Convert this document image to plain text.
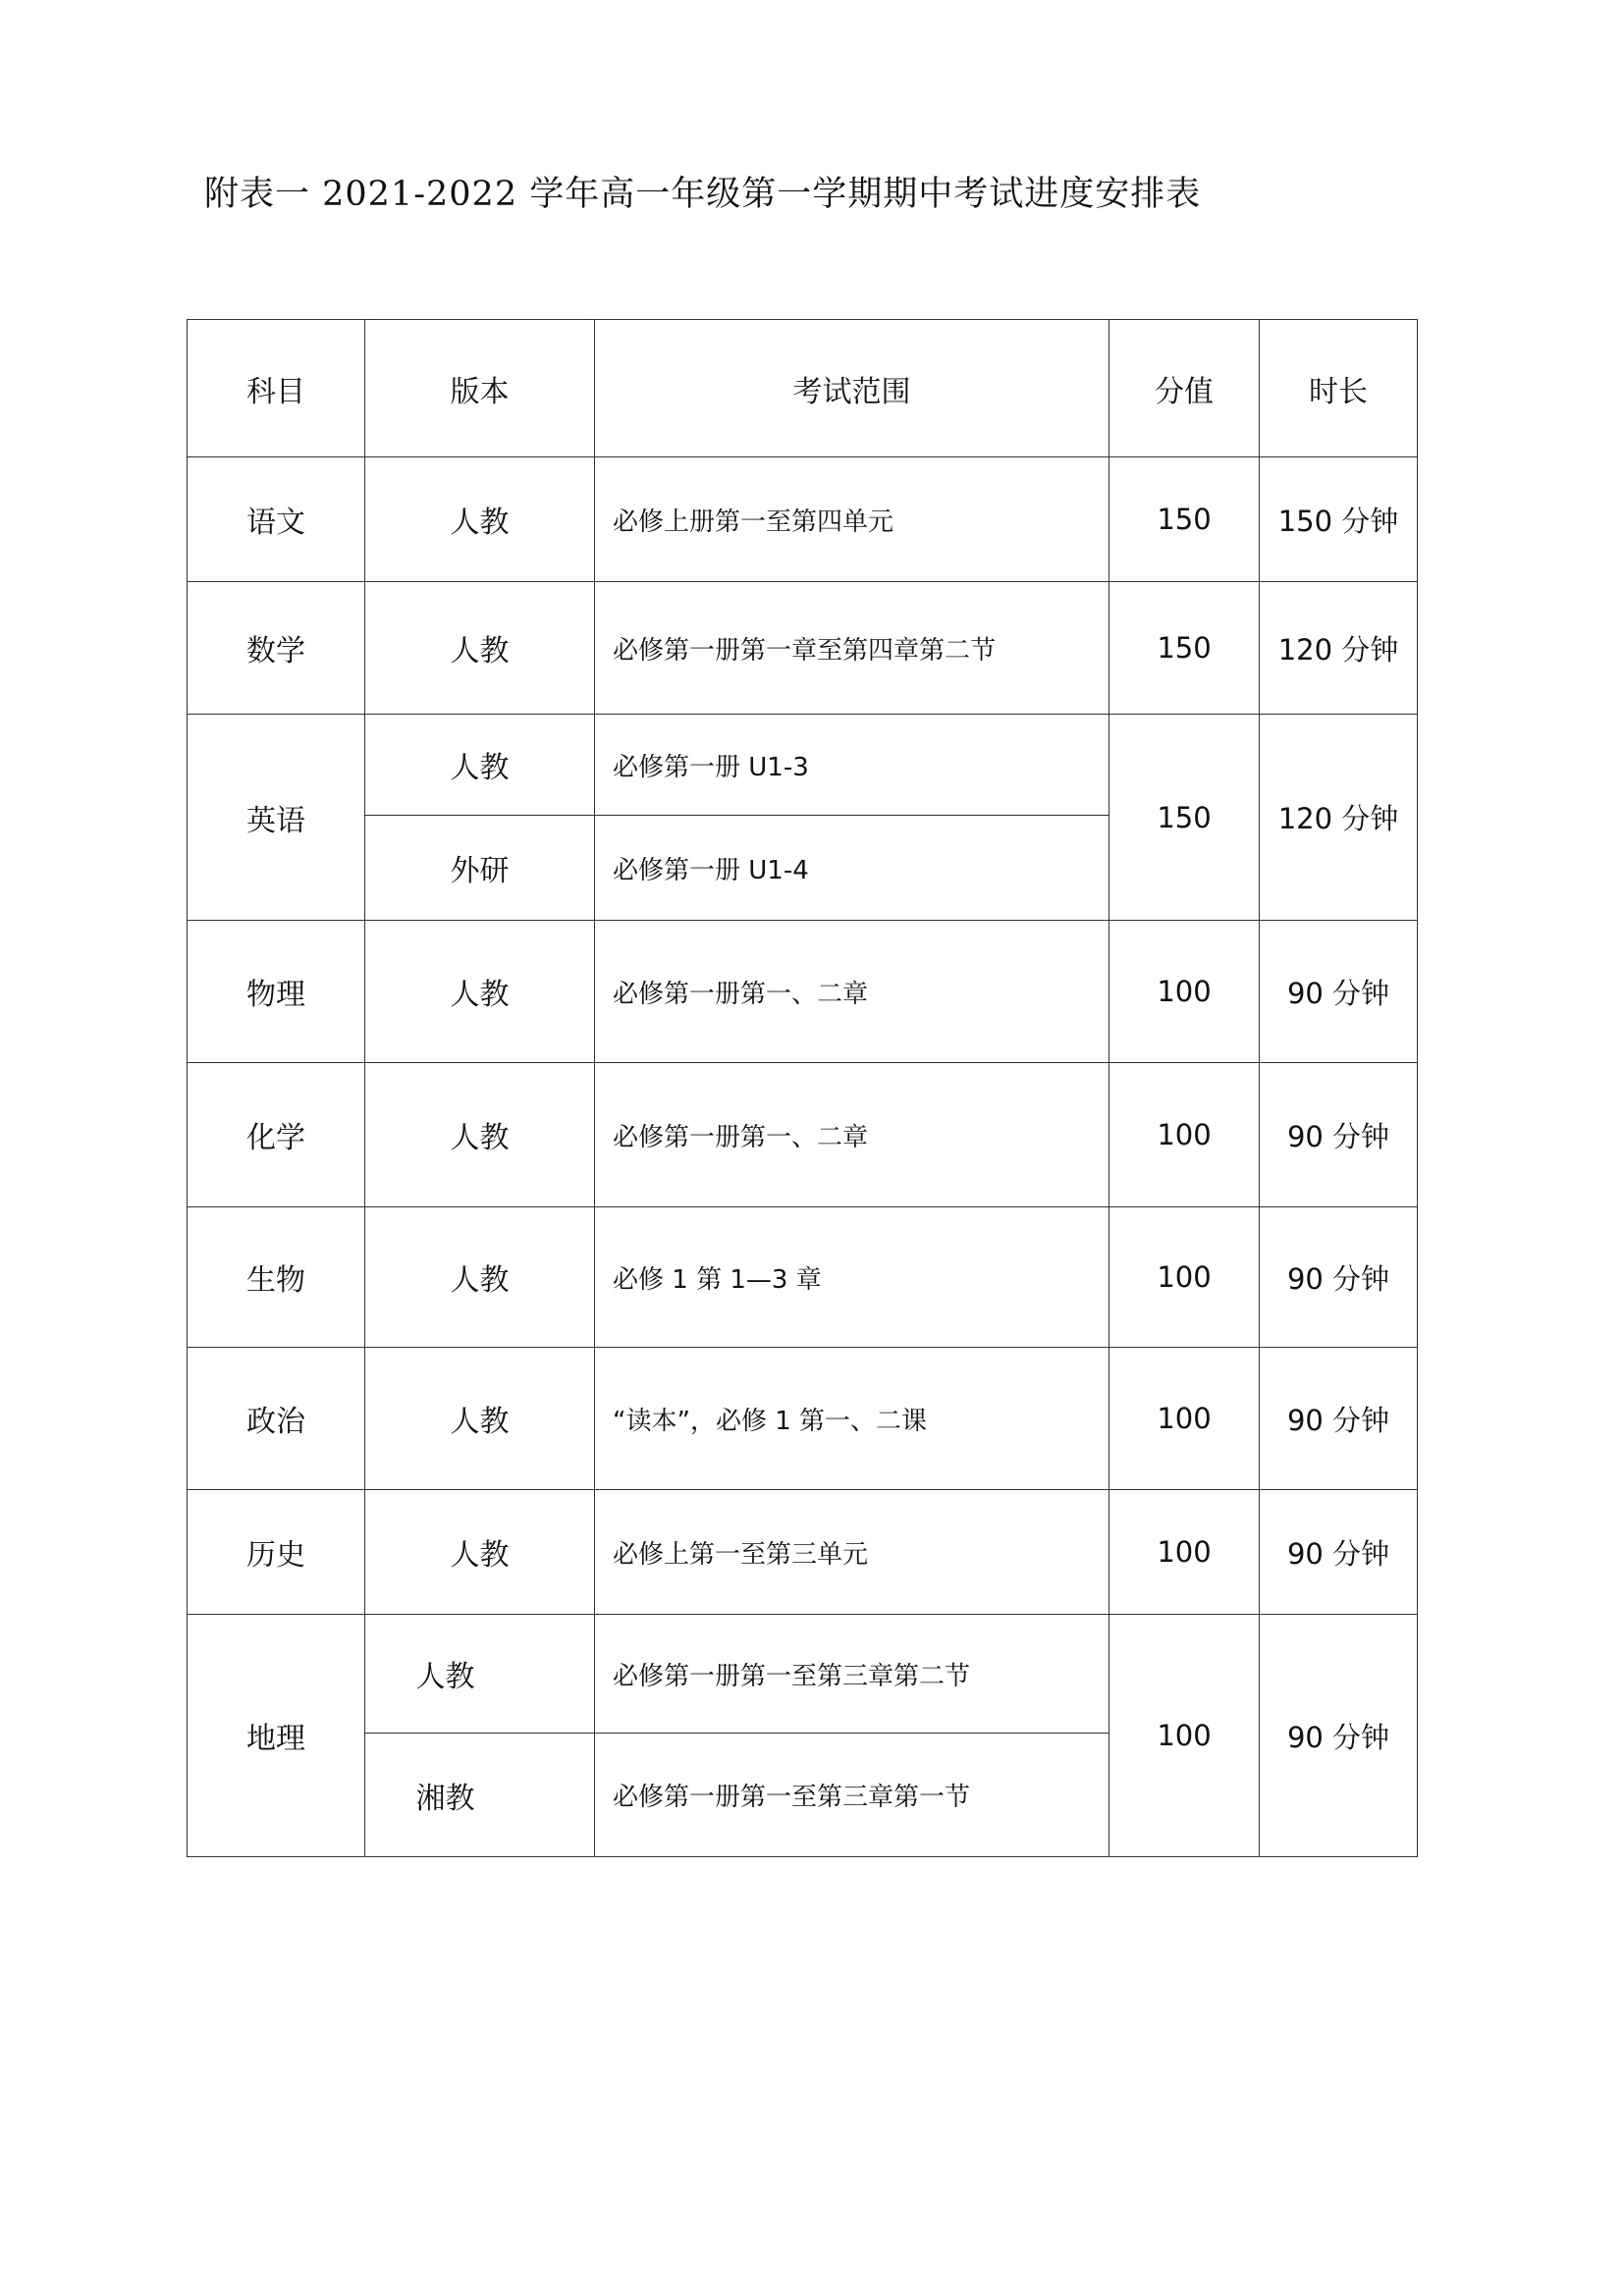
附表一 2021-2022 学年高一年级第一学期期中考试进度安排表
科目	版本	考试范围	分值	时长
语文	人教	必修上册第一至第四单元	150	150 分钟
数学	人教	必修第一册第一章至第四章第二节	150	120 分钟
英语	人教	必修第一册 U1-3	150	120 分钟
	外研	必修第一册 U1-4		
物理	人教	必修第一册第一、二章	100	90 分钟
化学	人教	必修第一册第一、二章	100	90 分钟
生物	人教	必修 1 第 1—3 章	100	90 分钟
政治	人教	“读本”，必修 1 第一、二课	100	90 分钟
历史	人教	必修上第一至第三单元	100	90 分钟
地理	人教	必修第一册第一至第三章第二节	100	90 分钟
	湘教	必修第一册第一至第三章第一节		
